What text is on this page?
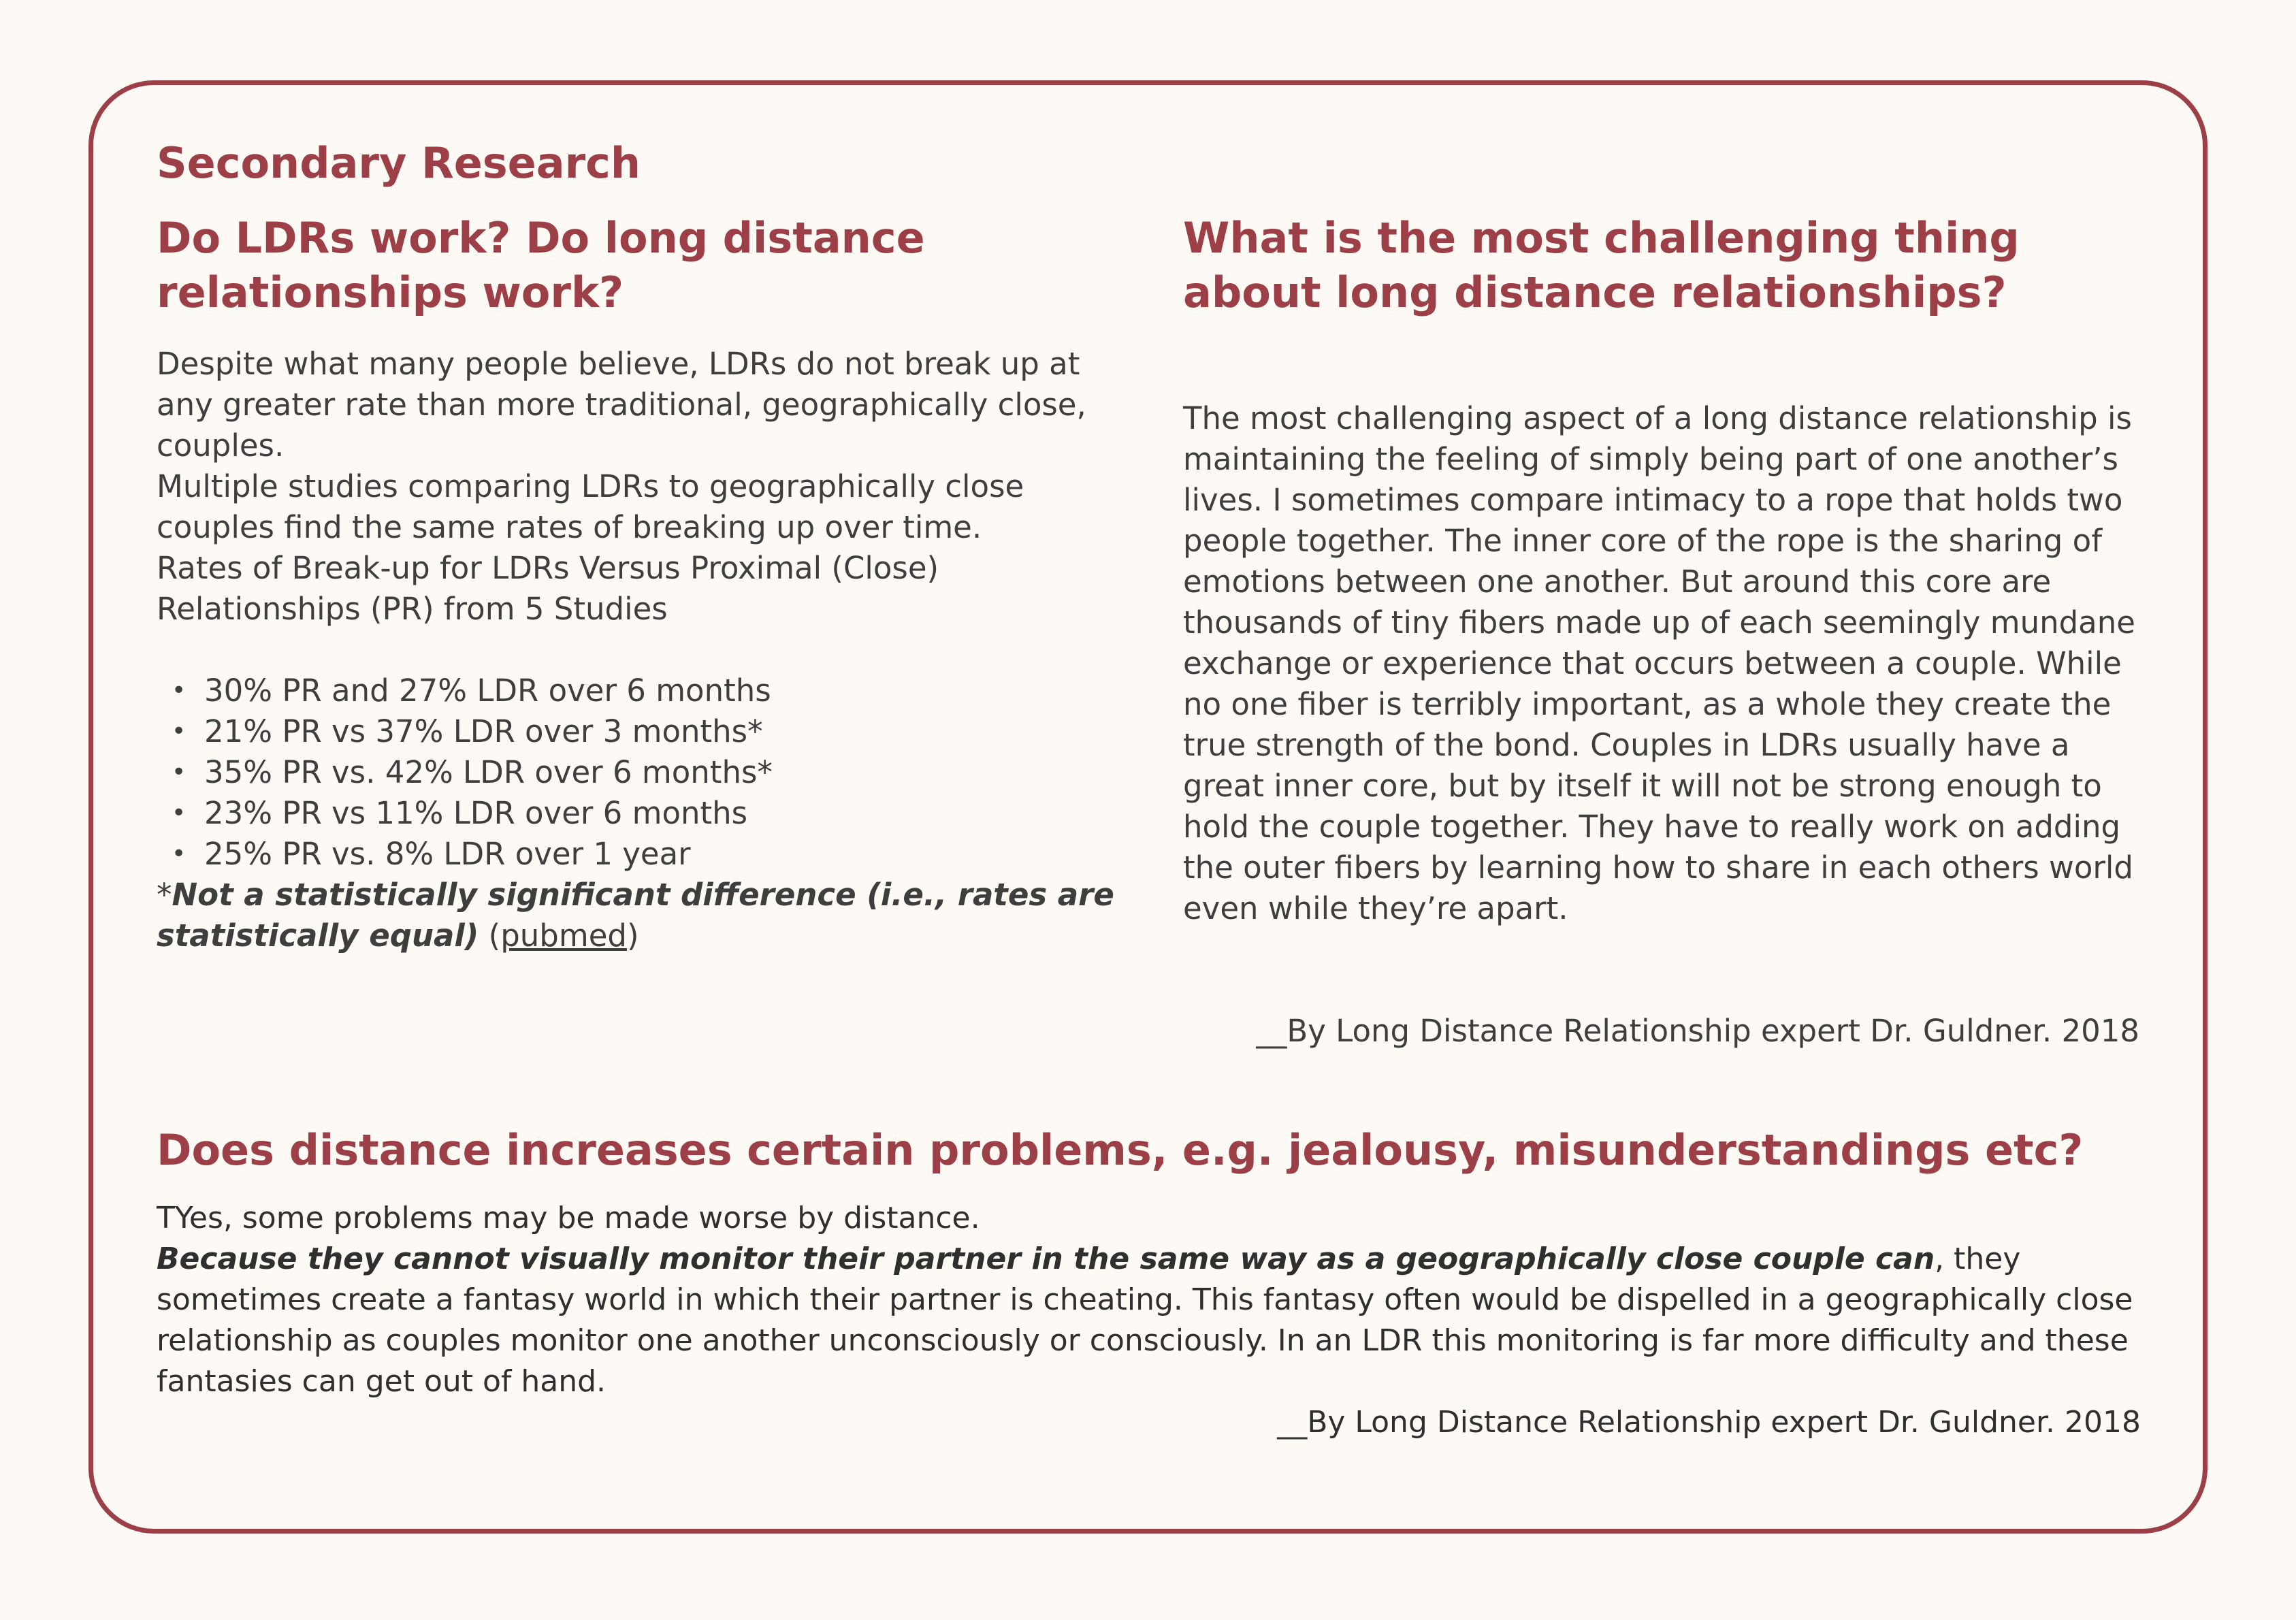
Secondary Research
Do LDRs work? Do long distance relationships work?

Despite what many people believe, LDRs do not break up at any greater rate than more traditional, geographically close, couples.

Multiple studies comparing LDRs to geographically close couples find the same rates of breaking up over time.

Rates of Break-up for LDRs Versus Proximal (Close) Relationships (PR) from 5 Studies

• 30% PR and 27% LDR over 6 months
• 21% PR vs 37% LDR over 3 months*
• 35% PR vs. 42% LDR over 6 months*
• 23% PR vs 11% LDR over 6 months
• 25% PR vs. 8% LDR over 1 year

*Not a statistically significant difference (i.e., rates are statistically equal) (pubmed)

What is the most challenging thing about long distance relationships?

The most challenging aspect of a long distance relationship is maintaining the feeling of simply being part of one another’s lives. I sometimes compare intimacy to a rope that holds two people together. The inner core of the rope is the sharing of emotions between one another. But around this core are thousands of tiny fibers made up of each seemingly mundane exchange or experience that occurs between a couple. While no one fiber is terribly important, as a whole they create the true strength of the bond. Couples in LDRs usually have a great inner core, but by itself it will not be strong enough to hold the couple together. They have to really work on adding the outer fibers by learning how to share in each others world even while they’re apart.

__By Long Distance Relationship expert Dr. Guldner. 2018

Does distance increases certain problems, e.g. jealousy, misunderstandings etc?

TYes, some problems may be made worse by distance.

Because they cannot visually monitor their partner in the same way as a geographically close couple can, they sometimes create a fantasy world in which their partner is cheating. This fantasy often would be dispelled in a geographically close relationship as couples monitor one another unconsciously or consciously. In an LDR this monitoring is far more difficulty and these fantasies can get out of hand.

__By Long Distance Relationship expert Dr. Guldner. 2018
